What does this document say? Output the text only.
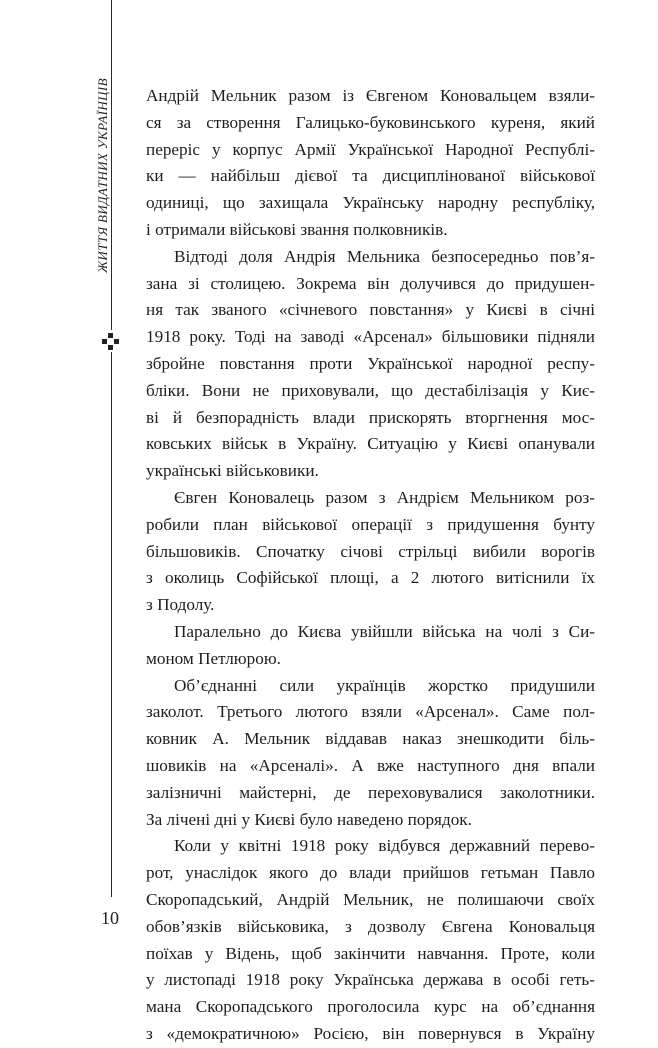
ЖИТТЯ ВИДАТНИХ УКРАЇНЦІВ Андрій Мельник разом із Євгеном Коновальцем взяли-
ся за створення Галицько-буковинського куреня, який
переріс у корпус Армії Української Народної Республі-
ки — найбільш дієвої та дисциплінованої військової
одиниці, що захищала Українську народну республіку,
і отримали військові звання полковників.
Відтоді доля Андрія Мельника безпосередньо пов’я-
зана зі столицею. Зокрема він долучився до придушен-
ня так званого «січневого повстання» у Києві в січні
1918 року. Тоді на заводі «Арсенал» більшовики підняли
збройне повстання проти Української народної респу-
бліки. Вони не приховували, що дестабілізація у Киє-
ві й безпорадність влади прискорять вторгнення мос-
ковських військ в Україну. Ситуацію у Києві опанували
українські військовики.
Євген Коновалець разом з Андрієм Мельником роз-
робили план військової операції з придушення бунту
більшовиків. Спочатку січові стрільці вибили ворогів
з околиць Софійської площі, а 2 лютого витіснили їх
з Подолу.
Паралельно до Києва увійшли війська на чолі з Си-
моном Петлюрою.
Об’єднанні сили українців жорстко придушили
заколот. Третього лютого взяли «Арсенал». Саме пол-
ковник А. Мельник віддавав наказ знешкодити біль-
шовиків на «Арсеналі». А вже наступного дня впали
залізничні майстерні, де переховувалися заколотники.
За лічені дні у Києві було наведено порядок.
Коли у квітні 1918 року відбувся державний перево-
рот, унаслідок якого до влади прийшов гетьман Павло
Скоропадський, Андрій Мельник, не полишаючи своїх
обов’язків військовика, з дозволу Євгена Коновальця
поїхав у Відень, щоб закінчити навчання. Проте, коли
у листопаді 1918 року Українська держава в особі геть-
мана Скоропадського проголосила курс на об’єднання
з «демократичною» Росією, він повернувся в Україну
10
